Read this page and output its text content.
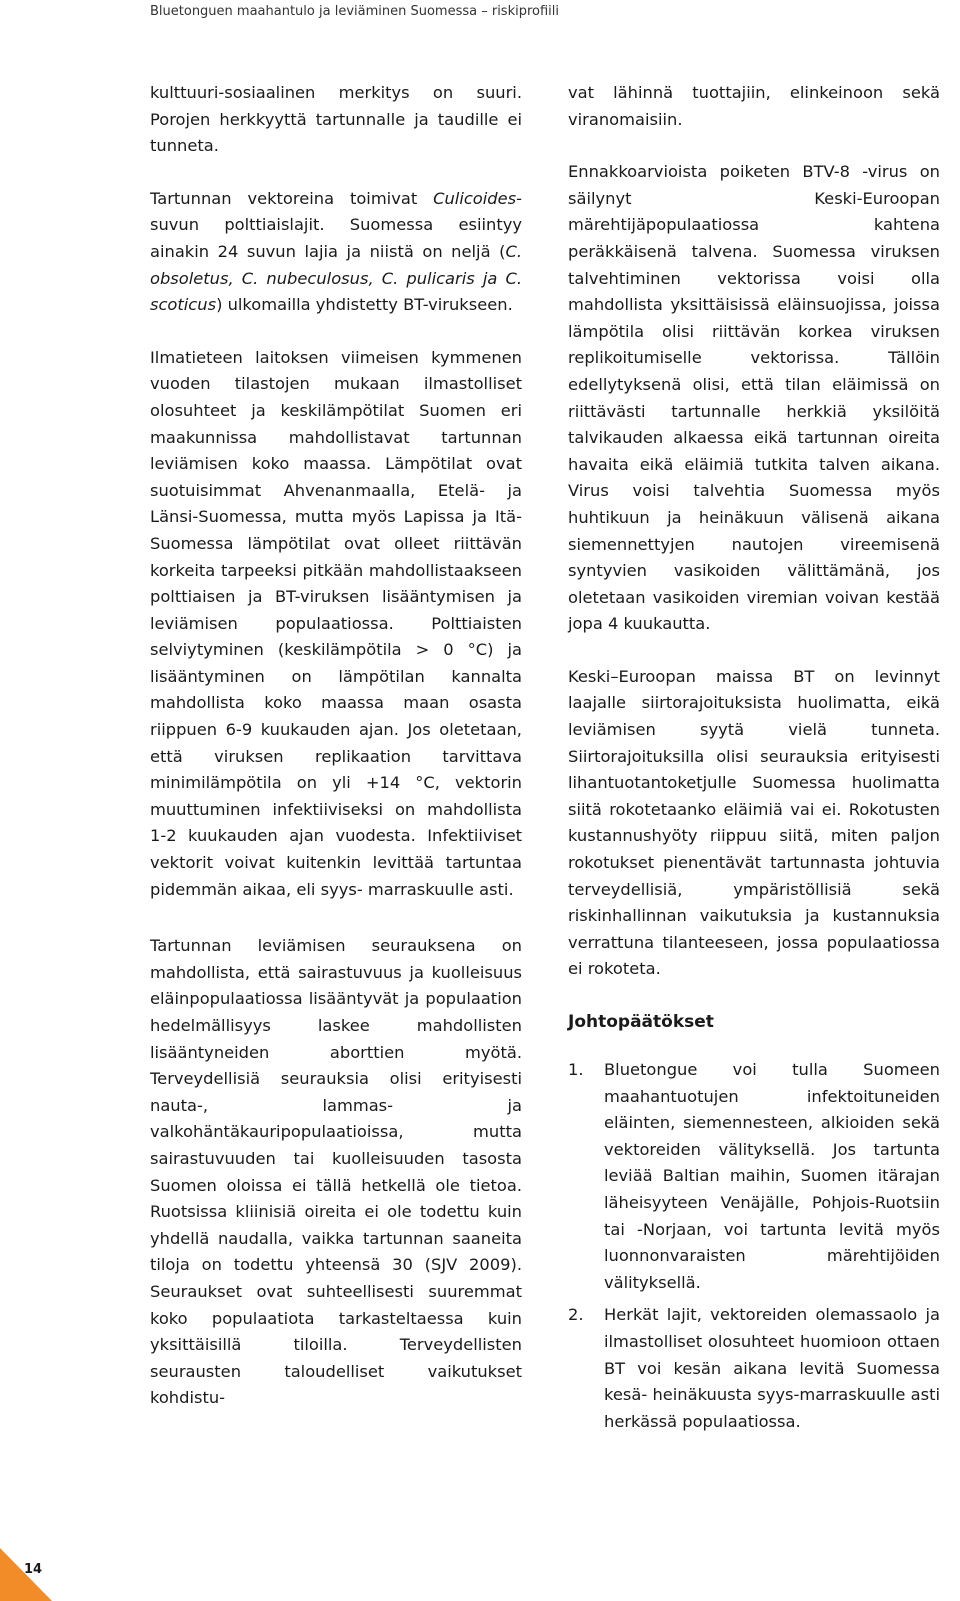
Bluetonguen maahantulo ja leviäminen Suomessa – riskiprofiili

kulttuuri-sosiaalinen merkitys on suuri. Porojen herkkyyttä tartunnalle ja taudille ei tunneta.

Tartunnan vektoreina toimivat Culicoides-suvun polttiaislajit. Suomessa esiintyy ainakin 24 suvun lajia ja niistä on neljä (C. obsoletus, C. nubeculosus, C. pulicaris ja C. scoticus) ulkomailla yhdistetty BT-virukseen.

Ilmatieteen laitoksen viimeisen kymmenen vuoden tilastojen mukaan ilmastolliset olosuhteet ja keskilämpötilat Suomen eri maakunnissa mahdollistavat tartunnan leviämisen koko maassa. Lämpötilat ovat suotuisimmat Ahvenanmaalla, Etelä- ja Länsi-Suomessa, mutta myös Lapissa ja Itä-Suomessa lämpötilat ovat olleet riittävän korkeita tarpeeksi pitkään mahdollistaakseen polttiaisen ja BT-viruksen lisääntymisen ja leviämisen populaatiossa. Polttiaisten selviytyminen (keskilämpötila > 0 °C) ja lisääntyminen on lämpötilan kannalta mahdollista koko maassa maan osasta riippuen 6-9 kuukauden ajan. Jos oletetaan, että viruksen replikaation tarvittava minimilämpötila on yli +14 °C, vektorin muuttuminen infektiiviseksi on mahdollista 1-2 kuukauden ajan vuodesta. Infektiiviset vektorit voivat kuitenkin levittää tartuntaa pidemmän aikaa, eli syys- marraskuulle asti.

Tartunnan leviämisen seurauksena on mahdollista, että sairastuvuus ja kuolleisuus eläinpopulaatiossa lisääntyvät ja populaation hedelmällisyys laskee mahdollisten lisääntyneiden aborttien myötä. Terveydellisiä seurauksia olisi erityisesti nauta-, lammas- ja valkohäntäkauripopulaatioissa, mutta sairastuvuuden tai kuolleisuuden tasosta Suomen oloissa ei tällä hetkellä ole tietoa. Ruotsissa kliinisiä oireita ei ole todettu kuin yhdellä naudalla, vaikka tartunnan saaneita tiloja on todettu yhteensä 30 (SJV 2009). Seuraukset ovat suhteellisesti suuremmat koko populaatiota tarkasteltaessa kuin yksittäisillä tiloilla. Terveydellisten seurausten taloudelliset vaikutukset kohdistu-

vat lähinnä tuottajiin, elinkeinoon sekä viranomaisiin.

Ennakkoarvioista poiketen BTV-8 -virus on säilynyt Keski-Euroopan märehtijäpopulaatiossa kahtena peräkkäisenä talvena. Suomessa viruksen talvehtiminen vektorissa voisi olla mahdollista yksittäisissä eläinsuojissa, joissa lämpötila olisi riittävän korkea viruksen replikoitumiselle vektorissa. Tällöin edellytyksenä olisi, että tilan eläimissä on riittävästi tartunnalle herkkiä yksilöitä talvikauden alkaessa eikä tartunnan oireita havaita eikä eläimiä tutkita talven aikana. Virus voisi talvehtia Suomessa myös huhtikuun ja heinäkuun välisenä aikana siemennettyjen nautojen vireemisenä syntyvien vasikoiden välittämänä, jos oletetaan vasikoiden viremian voivan kestää jopa 4 kuukautta.

Keski–Euroopan maissa BT on levinnyt laajalle siirtorajoituksista huolimatta, eikä leviämisen syytä vielä tunneta. Siirtorajoituksilla olisi seurauksia erityisesti lihantuotantoketjulle Suomessa huolimatta siitä rokotetaanko eläimiä vai ei. Rokotusten kustannushyöty riippuu siitä, miten paljon rokotukset pienentävät tartunnasta johtuvia terveydellisiä, ympäristöllisiä sekä riskinhallinnan vaikutuksia ja kustannuksia verrattuna tilanteeseen, jossa populaatiossa ei rokoteta.

Johtopäätökset
1. Bluetongue voi tulla Suomeen maahantuotujen infektoituneiden eläinten, siemennesteen, alkioiden sekä vektoreiden välityksellä. Jos tartunta leviää Baltian maihin, Suomen itärajan läheisyyteen Venäjälle, Pohjois-Ruotsiin tai -Norjaan, voi tartunta levitä myös luonnonvaraisten märehtijöiden välityksellä.
2. Herkät lajit, vektoreiden olemassaolo ja ilmastolliset olosuhteet huomioon ottaen BT voi kesän aikana levitä Suomessa kesä- heinäkuusta syys-marraskuulle asti herkässä populaatiossa.
14
